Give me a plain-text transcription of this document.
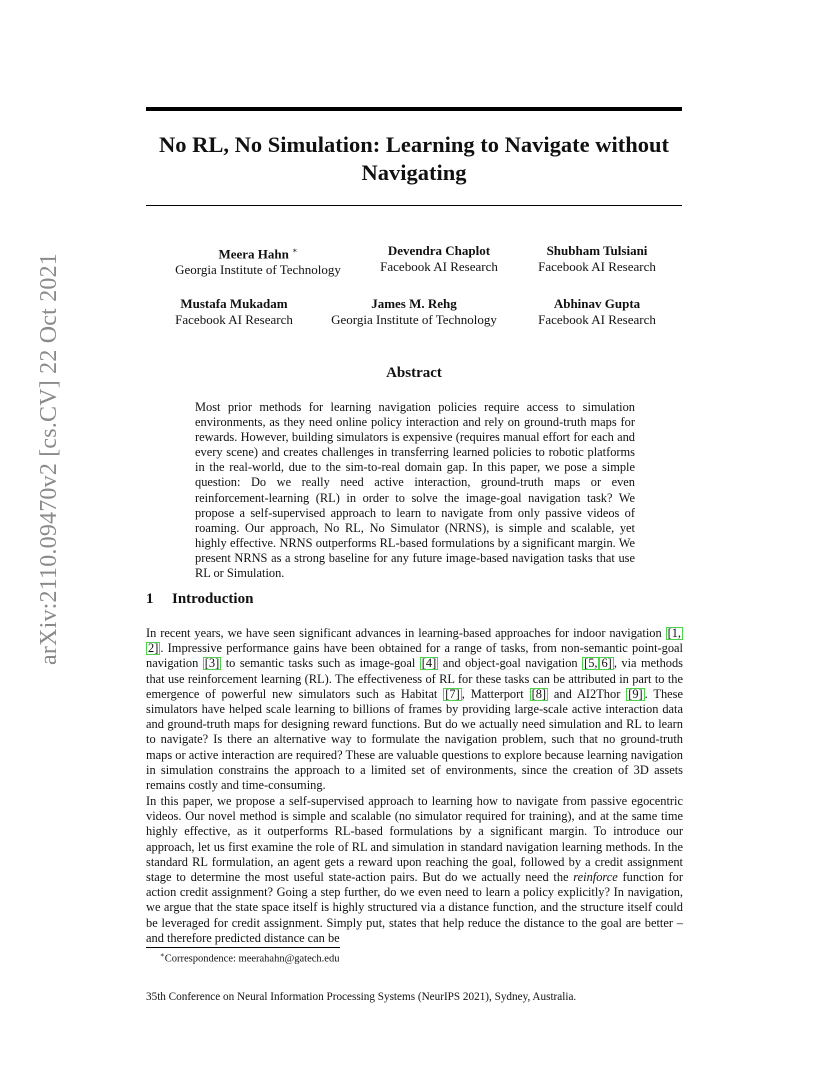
arXiv:2110.09470v2 [cs.CV] 22 Oct 2021
No RL, No Simulation: Learning to Navigate without Navigating
Meera Hahn ∗
Georgia Institute of Technology
Devendra Chaplot
Facebook AI Research
Shubham Tulsiani
Facebook AI Research
Mustafa Mukadam
Facebook AI Research
James M. Rehg
Georgia Institute of Technology
Abhinav Gupta
Facebook AI Research
Abstract
Most prior methods for learning navigation policies require access to simulation environments, as they need online policy interaction and rely on ground-truth maps for rewards. However, building simulators is expensive (requires manual effort for each and every scene) and creates challenges in transferring learned policies to robotic platforms in the real-world, due to the sim-to-real domain gap. In this paper, we pose a simple question: Do we really need active interaction, ground-truth maps or even reinforcement-learning (RL) in order to solve the image-goal navigation task? We propose a self-supervised approach to learn to navigate from only passive videos of roaming. Our approach, No RL, No Simulator (NRNS), is simple and scalable, yet highly effective. NRNS outperforms RL-based formulations by a significant margin. We present NRNS as a strong baseline for any future image-based navigation tasks that use RL or Simulation.
1 Introduction

In recent years, we have seen significant advances in learning-based approaches for indoor navigation [1,2] . Impressive performance gains have been obtained for a range of tasks, from non-semantic point-goal navigation [3] to semantic tasks such as image-goal [4] and object-goal navigation [5, 6] , via methods that use reinforcement learning (RL). The effectiveness of RL for these tasks can be attributed in part to the emergence of powerful new simulators such as Habitat [7] , Matterport [8] and AI2Thor [9] . These simulators have helped scale learning to billions of frames by providing large-scale active interaction data and ground-truth maps for designing reward functions. But do we actually need simulation and RL to learn to navigate? Is there an alternative way to formulate the navigation problem, such that no ground-truth maps or active interaction are required? These are valuable questions to explore because learning navigation in simulation constrains the approach to a limited set of environments, since the creation of 3D assets remains costly and time-consuming.

In this paper, we propose a self-supervised approach to learning how to navigate from passive egocentric videos. Our novel method is simple and scalable (no simulator required for training), and at the same time highly effective, as it outperforms RL-based formulations by a significant margin. To introduce our approach, let us first examine the role of RL and simulation in standard navigation learning methods. In the standard RL formulation, an agent gets a reward upon reaching the goal, followed by a credit assignment stage to determine the most useful state-action pairs. But do we actually need the reinforce function for action credit assignment? Going a step further, do we even need to learn a policy explicitly? In navigation, we argue that the state space itself is highly structured via a distance function, and the structure itself could be leveraged for credit assignment. Simply put, states that help reduce the distance to the goal are better – and therefore predicted distance can be

∗Correspondence: meerahahn@gatech.edu
35th Conference on Neural Information Processing Systems (NeurIPS 2021), Sydney, Australia.
